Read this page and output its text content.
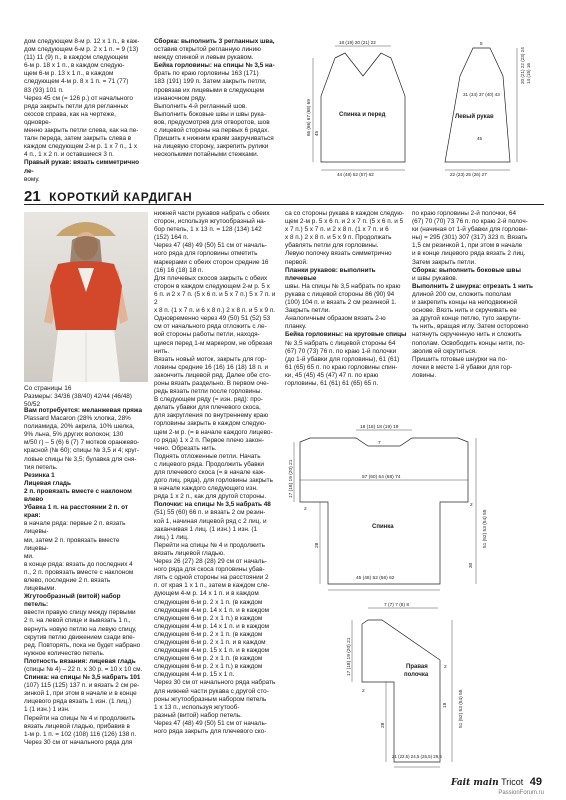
дом следующем 8-м р. 12 х 1 п., в каж-

дом следующем 6-м р. 2 х 1 п. = 9 (13)

(11) 11 (9) п., в каждом следующем

6-м р. 18 х 1 п., в каждом следую-

щем 6-м р. 13 х 1 п., в каждом

следующем 4-м р. 8 х 1 п. = 71 (77)

83 (93) 101 п.

Через 45 см (= 126 р.) от начального

ряда закрыть петли для регланных

скосов справа, как на чертеже, одновре-

менно закрыть петли слева, как на пе-

талн переда, затем закрыть слева в

каждом следующем 2-м р. 1 х 7 п., 1 х

4 п., 1 х 2 п. и оставшиеся 3 п.

Правый рукав: вязать симметрично ле-

вому.

Сборка: выполнить 3 регланных шва,

оставив открытой регланную линию

между спинкой и левым рукавом.

Бейка горловины: на спицы № 3,5 на-

брать по краю горловины 163 (171)

183 (191) 199 п. Затем закрыть петли,

провязав их лицевыми в следующем

изнаночном ряду.

Выполнить 4-й регланный шов.

Выполнить боковые швы и швы рука-

вов, предусмотрев для отворотов, шов

с лицевой стороны на первых 6 рядах.

Пришить к нижним краям закручиваться

на лицевую сторону, закрепить рулики

несколькими потайными стежками.

Спинка и перед	Левый рукав
18 (19) 20 (21) 22
44 (48) 52 (57) 62
65 (66) 67 (68) 69 45
5
20 (21) 22 (23) 24 14 (15) 16
31 (34) 37 (40) 43
45
22 (23) 25 (26) 27
21 КОРОТКИЙ КАРДИГАН

Со страницы 16

Размеры: 34/36 (38/40) 42/44 (46/48) 50/52

Вам потребуется: меланжевая пряжа

Plassard Macaron (28% хлопка, 28%

полиамида, 20% акрила, 10% шелка,

9% льна, 5% других волокон; 130

м/50 г) – 5 (6) 6 (7) 7 мотков оранжево-

красной (№ 60); спицы № 3,5 и 4; круг-

ловые спицы № 3,5; булавка для сня-

тия петель.

Резинка 1

Лицевая гладь

2 п. провязать вместе с наклоном влево

Убавка 1 п. на расстоянии 2 п. от края:

в начале ряда: первые 2 п. вязать лицевы-

ми, затем 2 п. провязать вместе лицевы-

ми.

в конце ряда: вязать до последних 4

п., 2 п. провязать вместе с наклоном

влево, последние 2 п. вязать лицевыми.

Жгутообразный (витой) набор петель:

ввести правую спицу между первыми

2 п. на левой спице и вывязать 1 п.,

вернуть новую петлю на левую спицу,

скрутив петлю движением сзади впе-

ред. Повторять, пока не будет набрано

нужное количество петель.

Плотность вязания: лицевая гладь

(спицы № 4) – 22 п. x 30 р. = 10 x 10 см.

Спинка: на спицы № 3,5 набрать 101

(107) 115 (125) 137 п. и вязать 2 см ре-

зинкой 1, при этом в начале и в конце

лицевого ряда вязать 1 изн. (1 лиц.)

1 (1 изн.) 1 изн.

Перейти на спицы № 4 и продолжить

вязать лицевой гладью, прибавив в

1-м р. 1 п. = 102 (108) 116 (126) 138 п.

Через 30 см от начального ряда для

нижней части рукавов набрать с обеих

сторон, используя жгутообразный на-

бор петель, 1 х 13 п. = 128 (134) 142

(152) 164 п.

Через 47 (48) 49 (50) 51 см от началь-

ного ряда для горловины отметить

маркерами с обеих сторон средние 16

(16) 16 (18) 18 п.

Для плечевых скосов закрыть с обеих

сторон в каждом следующем 2-м р. 5 х

6 п. и 2 х 7 п. (5 х 6 п. и 5 х 7 п.) 5 х 7 п. и 2

х 8 п. (1 х 7 п. и 6 х 8 п.) 2 х 8 п. и 5 х 9 п.

Одновременно через 49 (50) 51 (52) 53

см от начального ряда отложить с ле-

вой стороны работы петли, находя-

щиеся перед 1-м маркером, не обрезая

нить.

Вязать новый моток, закрыть для гор-

ловины средние 16 (16) 16 (18) 18 п. и

закончить лицевой ряд. Далее обе сто-

роны вязать раздельно. В первом оче-

редь вязать петли после горловины.

В следующем ряду (= изн. ряд): про-

делать убавки для плечевого скоса,

для закругления по внутреннему краю

горловины закрыть в каждом следую-

щем 2-м р. (= в начале каждого лицево-

го ряда) 1 х 2 п. Первое плечо закон-

чено. Обрезать нить.

Поднять отложенные петли. Начать

с лицевого ряда. Продолжить убавки

для плечевого скоса (= в начале каж-

дого лиц. ряда), для горловины закрыть

в начале каждого следующего изн.

ряда 1 х 2 п., как для другой стороны.

Полочки: на спицы № 3,5 набрать 48

(51) 55 (60) 66 п. и вязать 2 см резин-

кой 1, начиная лицевой ряд с 2 лиц. и

заканчивая 1 лиц. (1 изн.) 1 изн. (1

лиц.) 1 лиц.

Перейти на спицы № 4 и продолжить

вязать лицевой гладью.

Через 26 (27) 28 (28) 29 см от началь-

ного ряда для скоса горловины убав-

лять с одной стороны на расстоянии 2

п. от края 1 х 1 п., затем в каждом сле-

дующем 4-м р. 14 х 1 п. и в каждом

следующем 6-м р. 2 х 1 п. (в каждом

следующем 4-м р. 14 х 1 п. и в каждом

следующем 6-м р. 2 х 1 п.) в каждом

следующем 4-м р. 14 х 1 п. и в каждом

следующем 6-м р. 2 х 1 п. (в каждом

следующем 6-м р. 2 х 1 п. и в каждом

следующем 4-м р. 15 х 1 п. и в каждом

следующем 6-м р. 2 х 1 п. (в каждом

следующем 6-м р. 2 х 1 п.) в каждом

следующем 4-м р. 15 х 1 п.

Через 30 см от начального ряда набрать

для нижней части рукава с другой сто-

роны жгутообразным набором петель

1 х 13 п., используя жгутооб-

разный (витой) набор петель.

Через 47 (48) 49 (50) 51 см от началь-

ного ряда закрыть для плечевого ско-

са со стороны рукава в каждом следую-

щем 2-м р. 5 х 6 п. и 2 х 7 п. (5 х 6 п. и 5

х 7 п.) 5 х 7 п. и 2 х 8 п. (1 х 7 п. и 6

х 8 п.) 2 х 8 п. и 5 х 9 п. Продолжать

убавлять петли для горловины.

Левую полочку вязать симметрично

первой.

Планки рукавов: выполнить плечевые

швы. На спицы № 3,5 набрать по краю

рукава с лицевой стороны 86 (90) 94

(100) 104 п. и вязать 2 см резинкой 1.

Закрыть петли.

Аналогичным образом вязать 2-ю

планку.

Бейка горловины: на круговые спицы

№ 3,5 набрать с лицевой стороны 64

(67) 70 (73) 76 п. по краю 1-й полочки

(до 1-й убавки для горловины), 61 (61)

61 (65) 65 п. по краю горловины спин-

ки, 45 (45) 45 (47) 47 п. по краю

горловины, 61 (61) 61 (65) 65 п.

по краю горловины 2-й полочки, 64

(67) 70 (70) 73 76 п. по краю 2-й полоч-

ки (начиная от 1-й убавки для горлови-

ны) = 295 (301) 307 (317) 323 п. Вязать

1,5 см резинкой 1, при этом в начале

и в конце лицевого ряда вязать 2 лиц.

Затем закрыть петли.

Сборка: выполнить боковые швы

и швы рукавов.

Выполнить 2 шнурка: отрезать 1 нить

длиной 200 см, сложить пополам

и закрепить концы на неподвижной

основе. Вязть нить и скручивать ее

за другой конце петлю, туго закрути-

ть нить, вращая иглу. Затем осторожно

натянуть скрученную нить и сложить

пополам. Освободить концы нити, по-

зволив ей скрутиться.

Пришить готовые шнурки на по-

лочки в месте 1-й убавки для гор-

ловины.

Спинка
18 (18) 18 (19) 19
7
57 (60) 64 (68) 74
45 (48) 52 (56) 62
17 (18) 19 (20) 21
2
28	51 (52) 53 (54) 55
2
30
Правая
полочка
7 (7) 7 (8) 8
17 (18) 19 (20) 21
2
28	51 (52) 53 (54) 55
2
19
21 (22,5) 24,5 (26,5) 29,5
Fait main Tricot 49
PassionForum.ru
